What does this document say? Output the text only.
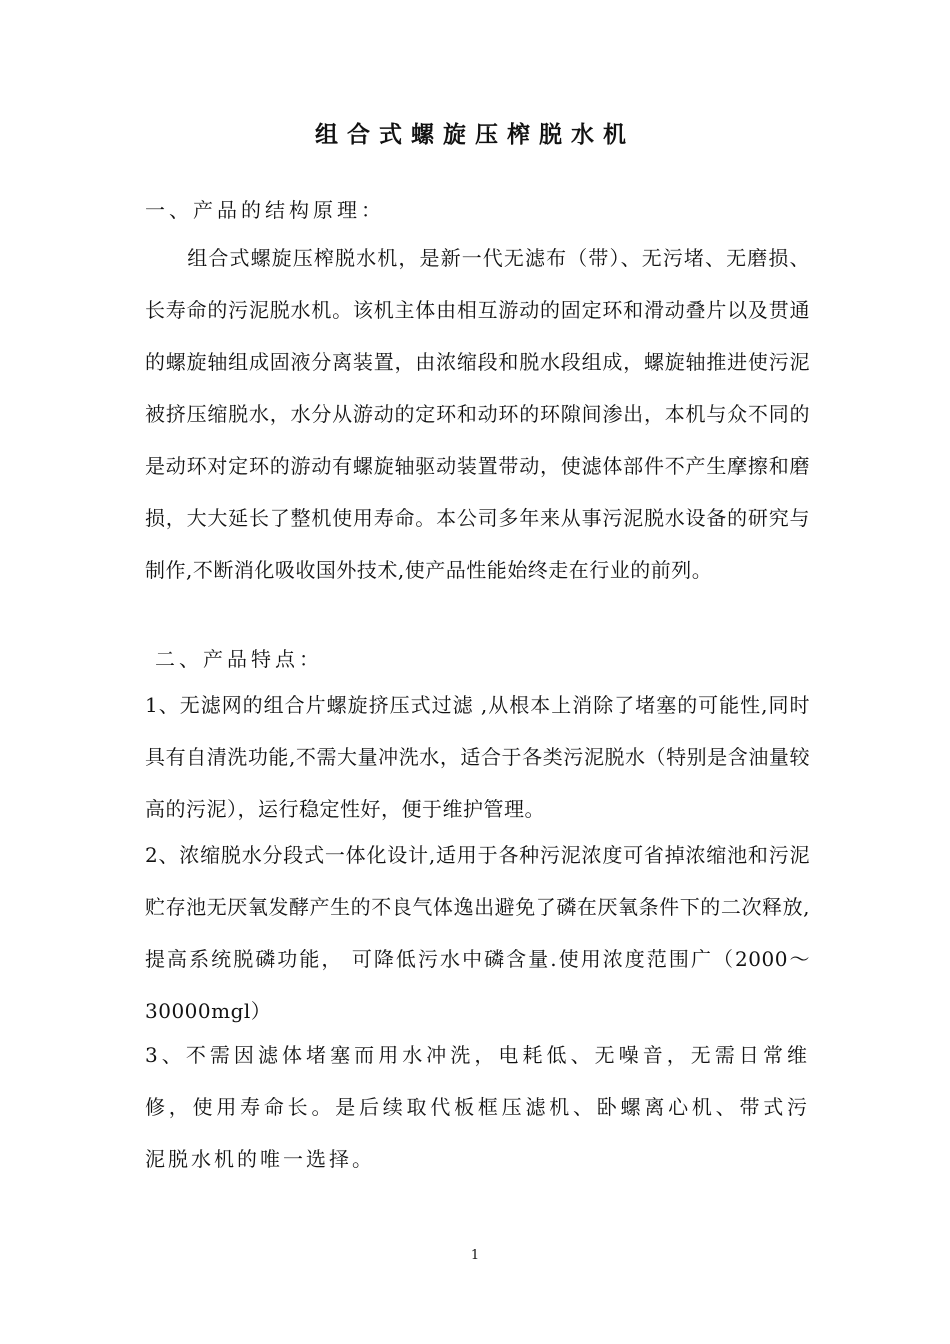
组合式螺旋压榨脱水机
一、产品的结构原理：
　　组合式螺旋压榨脱水机，是新一代无滤布（带）、无污堵、无磨损、长寿命的污泥脱水机。该机主体由相互游动的固定环和滑动叠片以及贯通的螺旋轴组成固液分离装置，由浓缩段和脱水段组成，螺旋轴推进使污泥被挤压缩脱水，水分从游动的定环和动环的环隙间渗出，本机与众不同的是动环对定环的游动有螺旋轴驱动装置带动，使滤体部件不产生摩擦和磨损，大大延长了整机使用寿命。本公司多年来从事污泥脱水设备的研究与制作,不断消化吸收国外技术,使产品性能始终走在行业的前列。
二、产品特点：
1、无滤网的组合片螺旋挤压式过滤 ,从根本上消除了堵塞的可能性,同时具有自清洗功能,不需大量冲洗水，适合于各类污泥脱水（特别是含油量较高的污泥），运行稳定性好，便于维护管理。
2、浓缩脱水分段式一体化设计,适用于各种污泥浓度可省掉浓缩池和污泥贮存池无厌氧发酵产生的不良气体逸出避免了磷在厌氧条件下的二次释放, 提高系统脱磷功能， 可降低污水中磷含量.使用浓度范围广（2000～30000mgl）
3、不需因滤体堵塞而用水冲洗，电耗低、无噪音，无需日常维修，使用寿命长。是后续取代板框压滤机、卧螺离心机、带式污泥脱水机的唯一选择。
1
